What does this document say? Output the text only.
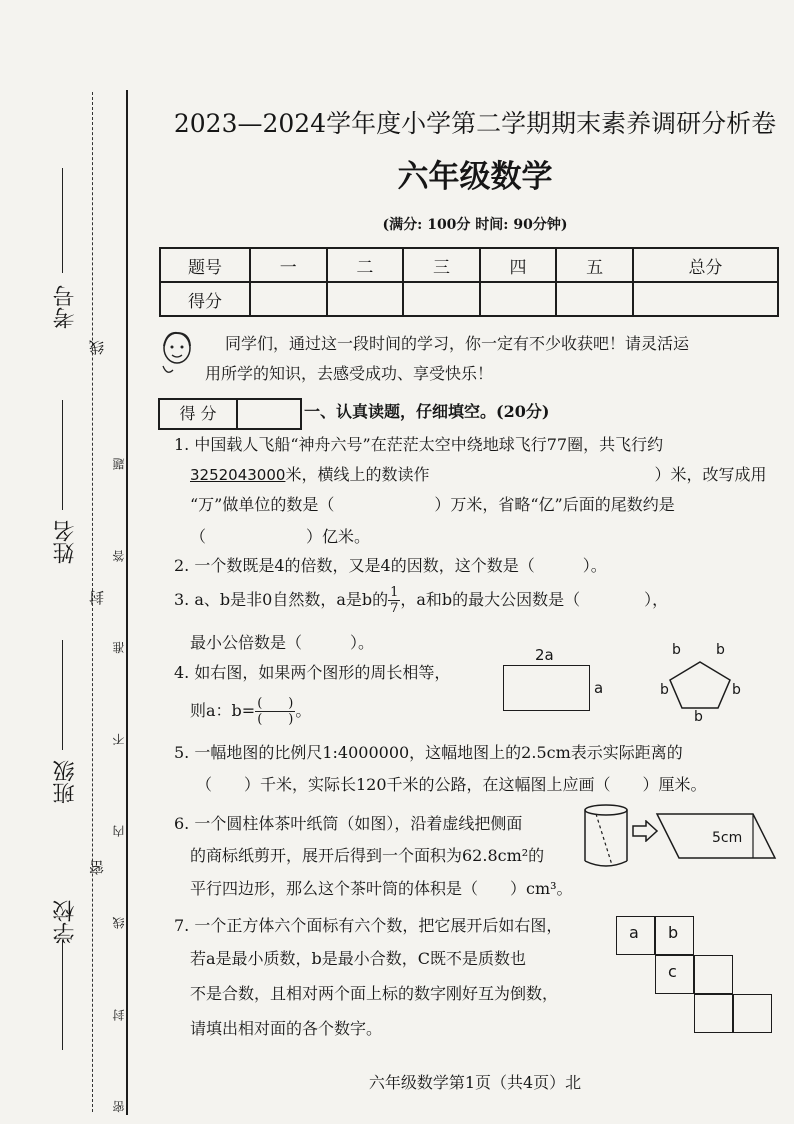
考号
姓名
班级
学校
线
封
密 密 封 线 内 不 准 答 题
2023—2024学年度小学第二学期期末素养调研分析卷
六年级数学
(满分: 100分 时间: 90分钟)
题号	一	二	三	四	五	总分
得分						
同学们，通过这一段时间的学习，你一定有不少收获吧！请灵活运
用所学的知识，去感受成功、享受快乐！
得 分	一、认真读题，仔细填空。(20分)
1. 中国载人飞船“神舟六号”在茫茫太空中绕地球飞行77圈，共飞行约
3252043000米，横线上的数读作	）米，改写成用
“万”做单位的数是（	）万米，省略“亿”后面的尾数约是
（	）亿米。
2. 一个数既是4的倍数，又是4的因数，这个数是（　　　）。
3. a、b是非0自然数，a是b的 $\frac{1}{7}$ ，a和b的最大公因数是（　　　　），
最小公倍数是（　　　）。
4. 如右图，如果两个图形的周长相等，
则a：$b= \frac{( )}{( )}$ 。
2a
a
b	b
b	b
b
5. 一幅地图的比例尺1:4000000，这幅地图上的2.5cm表示实际距离的
（　　）千米，实际长120千米的公路，在这幅图上应画（　　）厘米。
6. 一个圆柱体茶叶纸筒（如图），沿着虚线把侧面
的商标纸剪开，展开后得到一个面积为62.8cm²的
平行四边形，那么这个茶叶筒的体积是（　　）cm³。
5cm
7. 一个正方体六个面标有六个数，把它展开后如右图，
若a是最小质数，b是最小合数，C既不是质数也
不是合数，且相对两个面上标的数字刚好互为倒数，
请填出相对面的各个数字。
a	b
c
六年级数学第1页（共4页）北
